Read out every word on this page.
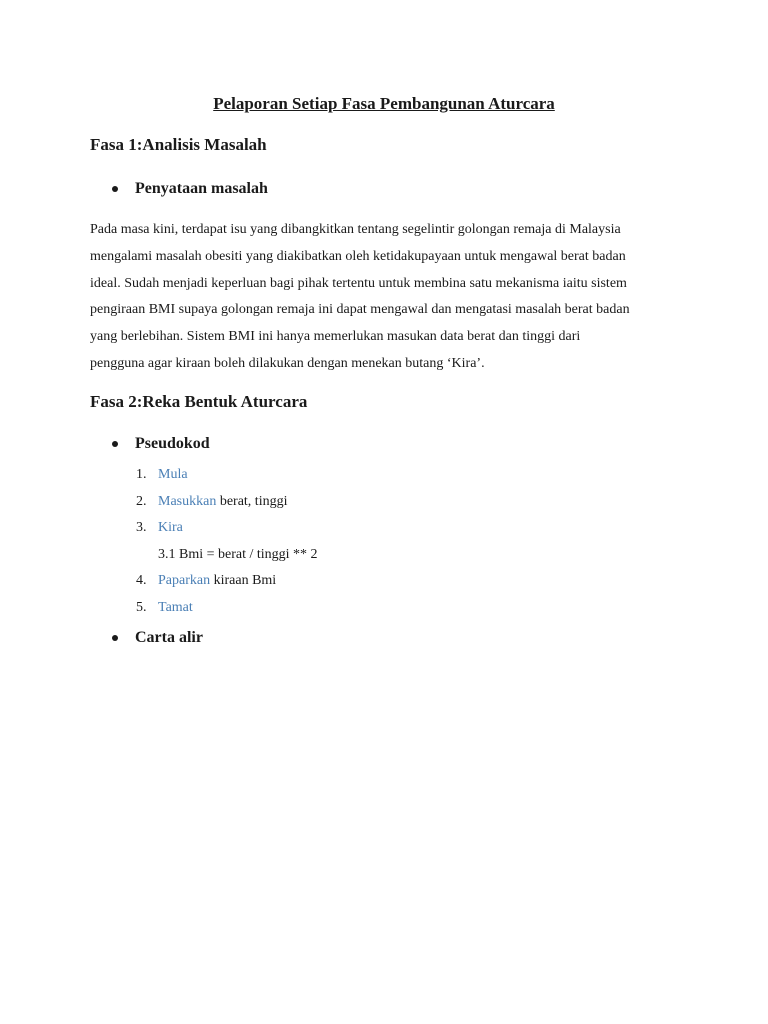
Pelaporan Setiap Fasa Pembangunan Aturcara
Fasa 1:Analisis Masalah
Penyataan masalah
Pada masa kini, terdapat isu yang dibangkitkan tentang segelintir golongan remaja di Malaysia
mengalami masalah obesiti yang diakibatkan oleh ketidakupayaan untuk mengawal berat badan
ideal. Sudah menjadi keperluan bagi pihak tertentu untuk membina satu mekanisma iaitu sistem
pengiraan BMI supaya golongan remaja ini dapat mengawal dan mengatasi masalah berat badan
yang berlebihan. Sistem BMI ini hanya memerlukan masukan data berat dan tinggi dari
pengguna agar kiraan boleh dilakukan dengan menekan butang ‘Kira’.
Fasa 2:Reka Bentuk Aturcara
Pseudokod
1. Mula
2. Masukkan berat, tinggi
3. Kira
3.1 Bmi = berat / tinggi ** 2
4. Paparkan kiraan Bmi
5. Tamat
Carta alir
